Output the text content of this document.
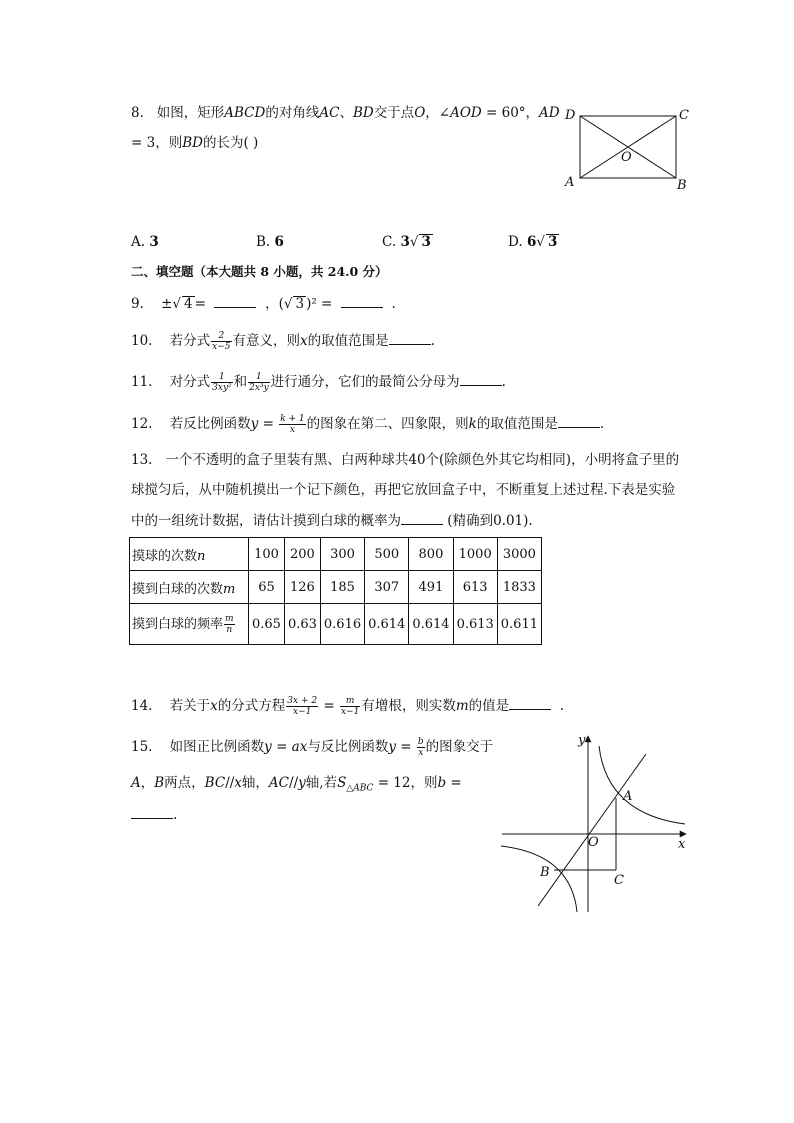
8. 如图，矩形ABCD的对角线AC、BD交于点O，∠AOD = 60°，AD
= 3，则BD的长为( )
D	C
O
A	B
A. 3	B. 6	C. 3√ 3	D. 6√ 3
二、填空题（本大题共 8 小题，共 24.0 分）
9. ±√ 4 =	，(√ 3 )² =	.
10. 若分式 $\frac{2}{x-5}$ 有意义，则x的取值范围是	.
11. 对分式 $\frac{1}{\text{3xy²}}$ 和 $\frac{1}{\text{2x³y}}$ 进行通分，它们的最简公分母为	.
12. 若反比例函数$y = \frac{k + 1}{x}$ 的图象在第二、四象限，则k的取值范围是	.
13. 一个不透明的盒子里装有黑、白两种球共40个(除颜色外其它均相同)，小明将盒子里的
球搅匀后，从中随机摸出一个记下颜色，再把它放回盒子中，不断重复上述过程.下表是实验
中的一组统计数据，请估计摸到白球的概率为	(精确到0.01).
摸球的次数n	100	200	300	500	800	1000	3000
摸到白球的次数m	65	126	185	307	491	613	1833
摸到白球的频率 $\frac{m}{n}$	0.65	0.63	0.616	0.614	0.614	0.613	0.611
14. 若关于x的分式方程 $\frac{3x + 2}{x-1} = \frac{m}{x-1}$ 有增根，则实数m的值是	.
15. 如图正比例函数y = ax与反比例函数$y = \frac{b}{x}$ 的图象交于
A，B两点，BC//x轴，AC//y轴,若$S_{\triangle ABC} = 12$，则b =
.
y
x
O
A
B
C
